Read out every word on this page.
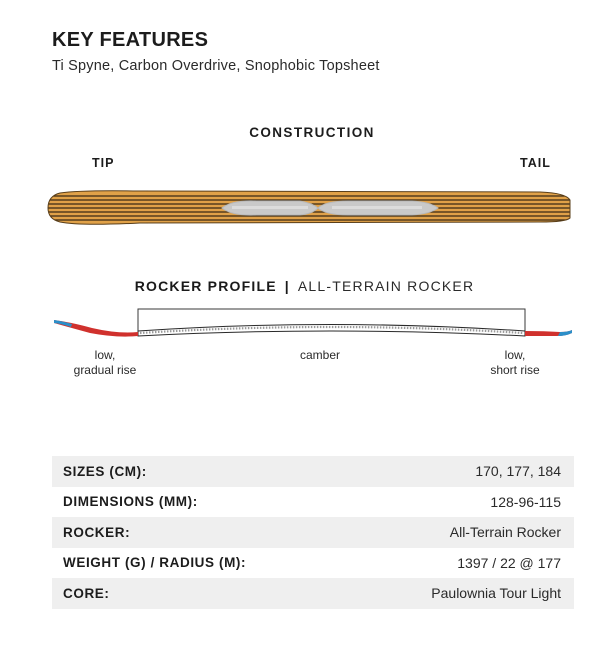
KEY FEATURES
Ti Spyne, Carbon Overdrive, Snophobic Topsheet
CONSTRUCTION
TIP	TAIL
ROCKER PROFILE | ALL-TERRAIN ROCKER
low,
gradual rise
camber	low,
short rise
SIZES (CM):	170, 177, 184
DIMENSIONS (MM):	128-96-115
ROCKER:	All-Terrain Rocker
WEIGHT (G) / RADIUS (M):	1397 / 22 @ 177
CORE:	Paulownia Tour Light
